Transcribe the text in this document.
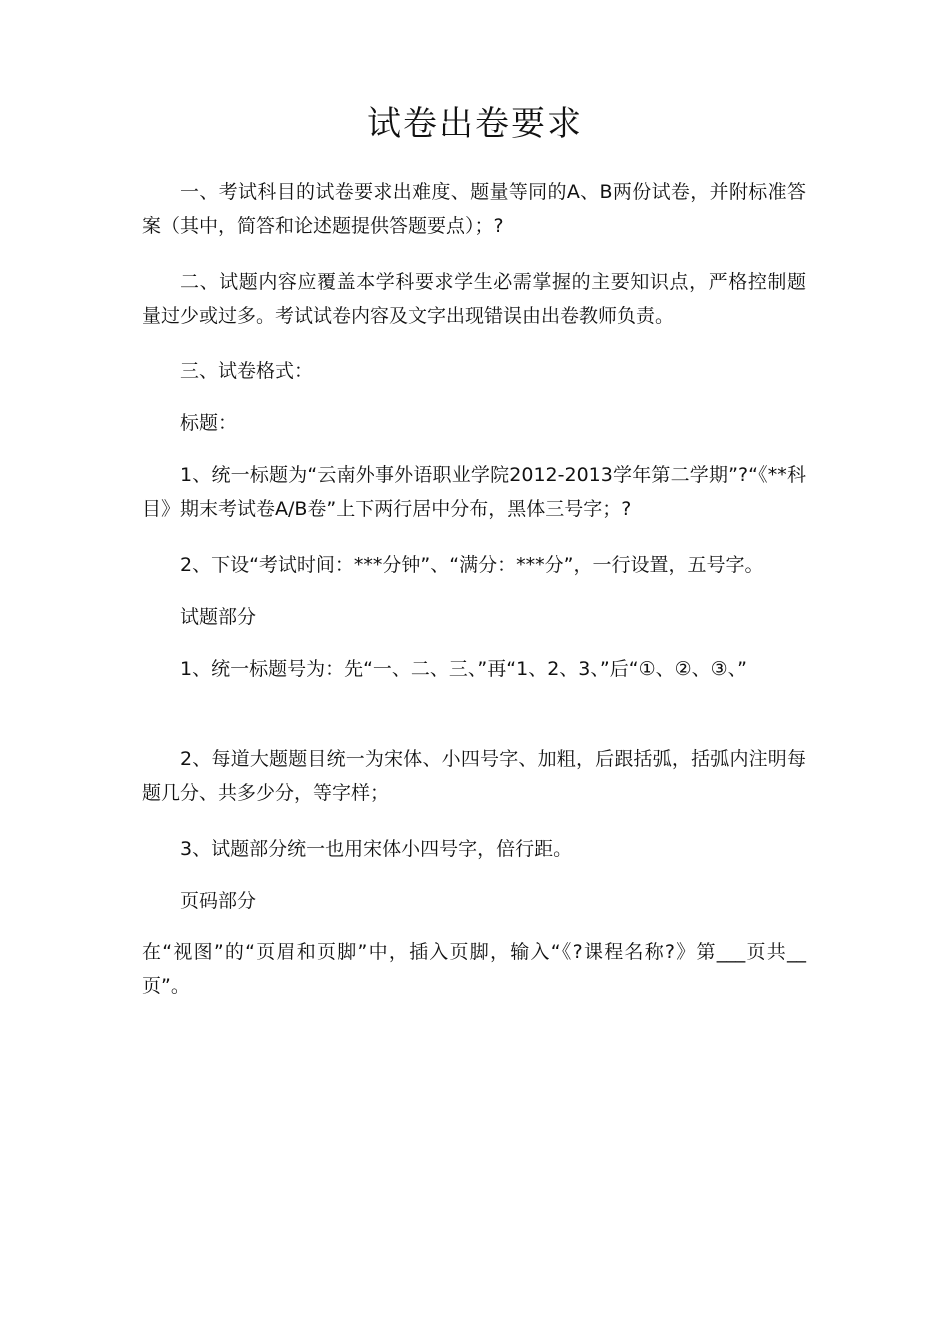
试卷出卷要求

一、考试科目的试卷要求出难度、题量等同的A、B两份试卷，并附标准答案（其中，简答和论述题提供答题要点）；?

二、试题内容应覆盖本学科要求学生必需掌握的主要知识点，严格控制题量过少或过多。考试试卷内容及文字出现错误由出卷教师负责。

三、试卷格式：

标题：

1、统一标题为“云南外事外语职业学院2012-2013学年第二学期”?“《**科目》期末考试卷A/B卷”上下两行居中分布，黑体三号字；?

2、下设“考试时间：***分钟”、“满分：***分”，一行设置，五号字。

试题部分

1、统一标题号为：先“一、二、三、”再“1、2、3、”后“①、②、③、”

2、每道大题题目统一为宋体、小四号字、加粗，后跟括弧，括弧内注明每题几分、共多少分，等字样；

3、试题部分统一也用宋体小四号字，倍行距。

页码部分

在“视图”的“页眉和页脚”中，插入页脚，输入“《?课程名称?》第___页共__页”。
